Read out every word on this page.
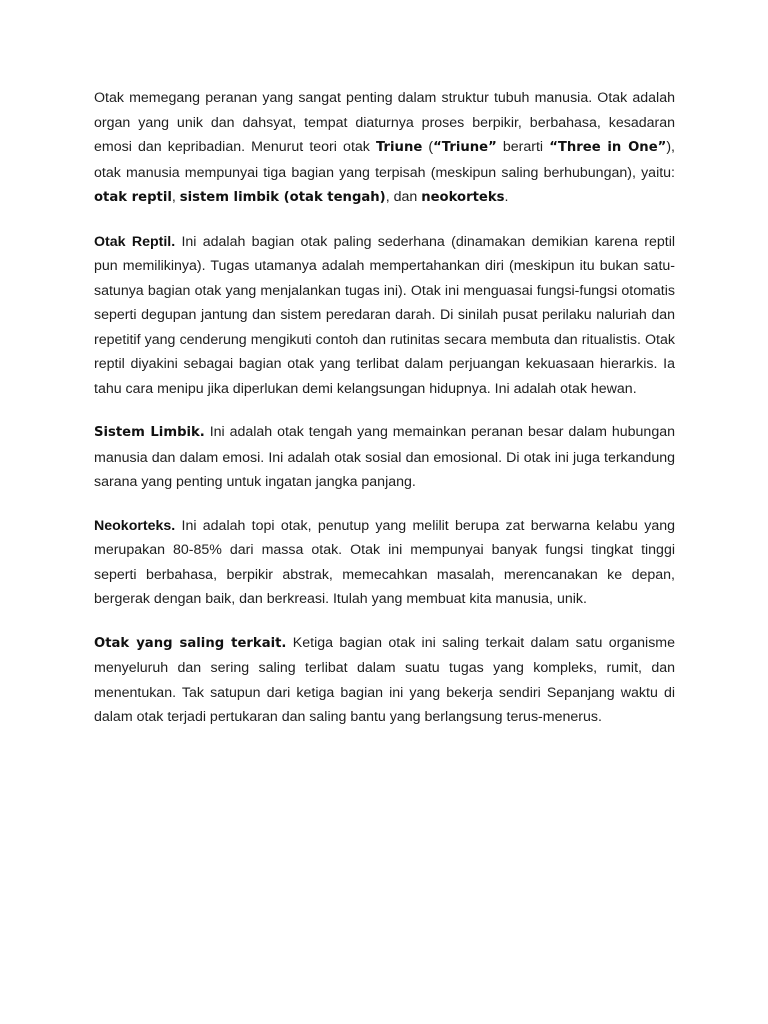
Otak memegang peranan yang sangat penting dalam struktur tubuh manusia. Otak adalah organ yang unik dan dahsyat, tempat diaturnya proses berpikir, berbahasa, kesadaran emosi dan kepribadian. Menurut teori otak Triune (“Triune” berarti “Three in One”), otak manusia mempunyai tiga bagian yang terpisah (meskipun saling berhubungan), yaitu: otak reptil, sistem limbik (otak tengah), dan neokorteks.

Otak Reptil. Ini adalah bagian otak paling sederhana (dinamakan demikian karena reptil pun memilikinya). Tugas utamanya adalah mempertahankan diri (meskipun itu bukan satu-satunya bagian otak yang menjalankan tugas ini). Otak ini menguasai fungsi-fungsi otomatis seperti degupan jantung dan sistem peredaran darah. Di sinilah pusat perilaku naluriah dan repetitif yang cenderung mengikuti contoh dan rutinitas secara membuta dan ritualistis. Otak reptil diyakini sebagai bagian otak yang terlibat dalam perjuangan kekuasaan hierarkis. Ia tahu cara menipu jika diperlukan demi kelangsungan hidupnya. Ini adalah otak hewan.

Sistem Limbik. Ini adalah otak tengah yang memainkan peranan besar dalam hubungan manusia dan dalam emosi. Ini adalah otak sosial dan emosional. Di otak ini juga terkandung sarana yang penting untuk ingatan jangka panjang.

Neokorteks. Ini adalah topi otak, penutup yang melilit berupa zat berwarna kelabu yang merupakan 80-85% dari massa otak. Otak ini mempunyai banyak fungsi tingkat tinggi seperti berbahasa, berpikir abstrak, memecahkan masalah, merencanakan ke depan, bergerak dengan baik, dan berkreasi. Itulah yang membuat kita manusia, unik.

Otak yang saling terkait. Ketiga bagian otak ini saling terkait dalam satu organisme menyeluruh dan sering saling terlibat dalam suatu tugas yang kompleks, rumit, dan menentukan. Tak satupun dari ketiga bagian ini yang bekerja sendiri Sepanjang waktu di dalam otak terjadi pertukaran dan saling bantu yang berlangsung terus-menerus.
